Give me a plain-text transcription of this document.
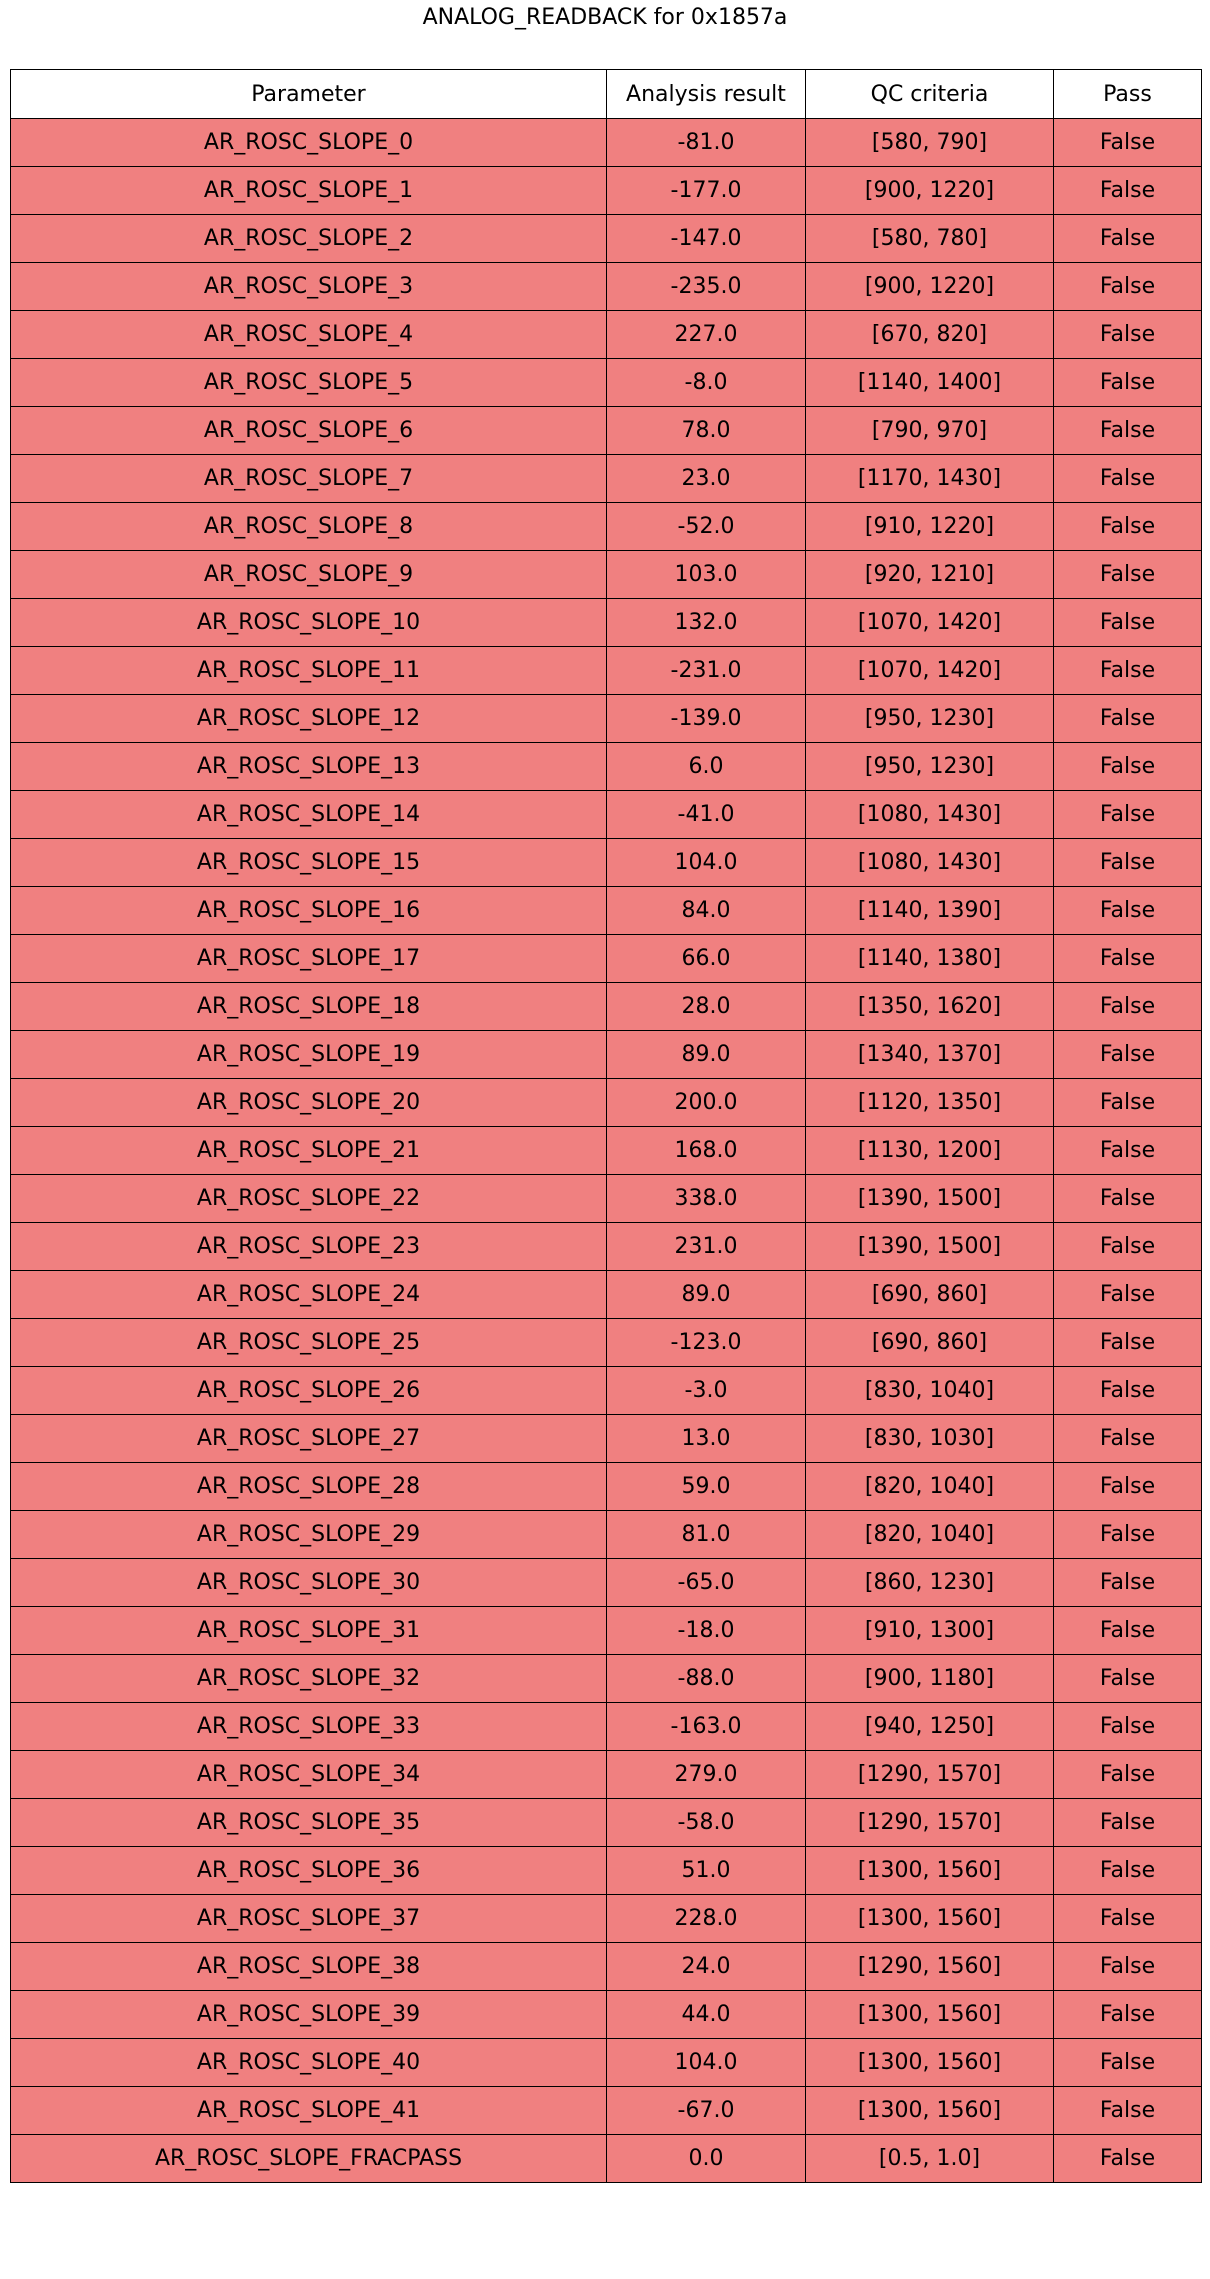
ANALOG_READBACK for 0x1857a
Parameter	Analysis result	QC criteria	Pass
AR_ROSC_SLOPE_0	-81.0	[580, 790]	False
AR_ROSC_SLOPE_1	-177.0	[900, 1220]	False
AR_ROSC_SLOPE_2	-147.0	[580, 780]	False
AR_ROSC_SLOPE_3	-235.0	[900, 1220]	False
AR_ROSC_SLOPE_4	227.0	[670, 820]	False
AR_ROSC_SLOPE_5	-8.0	[1140, 1400]	False
AR_ROSC_SLOPE_6	78.0	[790, 970]	False
AR_ROSC_SLOPE_7	23.0	[1170, 1430]	False
AR_ROSC_SLOPE_8	-52.0	[910, 1220]	False
AR_ROSC_SLOPE_9	103.0	[920, 1210]	False
AR_ROSC_SLOPE_10	132.0	[1070, 1420]	False
AR_ROSC_SLOPE_11	-231.0	[1070, 1420]	False
AR_ROSC_SLOPE_12	-139.0	[950, 1230]	False
AR_ROSC_SLOPE_13	6.0	[950, 1230]	False
AR_ROSC_SLOPE_14	-41.0	[1080, 1430]	False
AR_ROSC_SLOPE_15	104.0	[1080, 1430]	False
AR_ROSC_SLOPE_16	84.0	[1140, 1390]	False
AR_ROSC_SLOPE_17	66.0	[1140, 1380]	False
AR_ROSC_SLOPE_18	28.0	[1350, 1620]	False
AR_ROSC_SLOPE_19	89.0	[1340, 1370]	False
AR_ROSC_SLOPE_20	200.0	[1120, 1350]	False
AR_ROSC_SLOPE_21	168.0	[1130, 1200]	False
AR_ROSC_SLOPE_22	338.0	[1390, 1500]	False
AR_ROSC_SLOPE_23	231.0	[1390, 1500]	False
AR_ROSC_SLOPE_24	89.0	[690, 860]	False
AR_ROSC_SLOPE_25	-123.0	[690, 860]	False
AR_ROSC_SLOPE_26	-3.0	[830, 1040]	False
AR_ROSC_SLOPE_27	13.0	[830, 1030]	False
AR_ROSC_SLOPE_28	59.0	[820, 1040]	False
AR_ROSC_SLOPE_29	81.0	[820, 1040]	False
AR_ROSC_SLOPE_30	-65.0	[860, 1230]	False
AR_ROSC_SLOPE_31	-18.0	[910, 1300]	False
AR_ROSC_SLOPE_32	-88.0	[900, 1180]	False
AR_ROSC_SLOPE_33	-163.0	[940, 1250]	False
AR_ROSC_SLOPE_34	279.0	[1290, 1570]	False
AR_ROSC_SLOPE_35	-58.0	[1290, 1570]	False
AR_ROSC_SLOPE_36	51.0	[1300, 1560]	False
AR_ROSC_SLOPE_37	228.0	[1300, 1560]	False
AR_ROSC_SLOPE_38	24.0	[1290, 1560]	False
AR_ROSC_SLOPE_39	44.0	[1300, 1560]	False
AR_ROSC_SLOPE_40	104.0	[1300, 1560]	False
AR_ROSC_SLOPE_41	-67.0	[1300, 1560]	False
AR_ROSC_SLOPE_FRACPASS	0.0	[0.5, 1.0]	False
